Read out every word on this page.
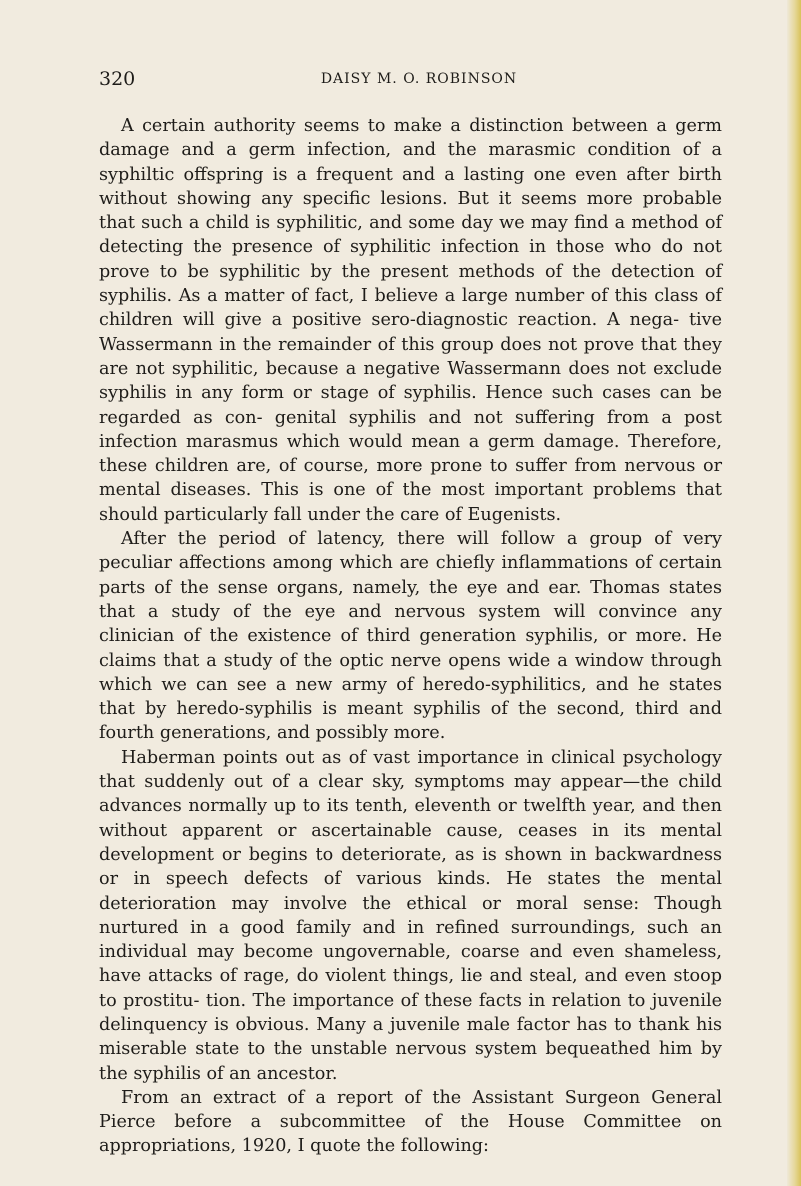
320	DAISY M. O. ROBINSON

A certain authority seems to make a distinction between a germ damage and a germ infection, and the marasmic condition of a syphiltic offspring is a frequent and a lasting one even after birth without showing any specific lesions. But it seems more probable that such a child is syphilitic, and some day we may find a method of detecting the presence of syphilitic infection in those who do not prove to be syphilitic by the present methods of the detection of syphilis. As a matter of fact, I believe a large number of this class of children will give a positive sero-diagnostic reaction. A nega- tive Wassermann in the remainder of this group does not prove that they are not syphilitic, because a negative Wassermann does not exclude syphilis in any form or stage of syphilis. Hence such cases can be regarded as con- genital syphilis and not suffering from a post infection marasmus which would mean a germ damage. Therefore, these children are, of course, more prone to suffer from nervous or mental diseases. This is one of the most important problems that should particularly fall under the care of Eugenists.

After the period of latency, there will follow a group of very peculiar affections among which are chiefly inflammations of certain parts of the sense organs, namely, the eye and ear. Thomas states that a study of the eye and nervous system will convince any clinician of the existence of third generation syphilis, or more. He claims that a study of the optic nerve opens wide a window through which we can see a new army of heredo-syphilitics, and he states that by heredo-syphilis is meant syphilis of the second, third and fourth generations, and possibly more.

Haberman points out as of vast importance in clinical psychology that suddenly out of a clear sky, symptoms may appear—the child advances normally up to its tenth, eleventh or twelfth year, and then without apparent or ascertainable cause, ceases in its mental development or begins to deteriorate, as is shown in backwardness or in speech defects of various kinds. He states the mental deterioration may involve the ethical or moral sense: Though nurtured in a good family and in refined surroundings, such an individual may become ungovernable, coarse and even shameless, have attacks of rage, do violent things, lie and steal, and even stoop to prostitu- tion. The importance of these facts in relation to juvenile delinquency is obvious. Many a juvenile male factor has to thank his miserable state to the unstable nervous system bequeathed him by the syphilis of an ancestor.

From an extract of a report of the Assistant Surgeon General Pierce before a subcommittee of the House Committee on appropriations, 1920, I quote the following:
